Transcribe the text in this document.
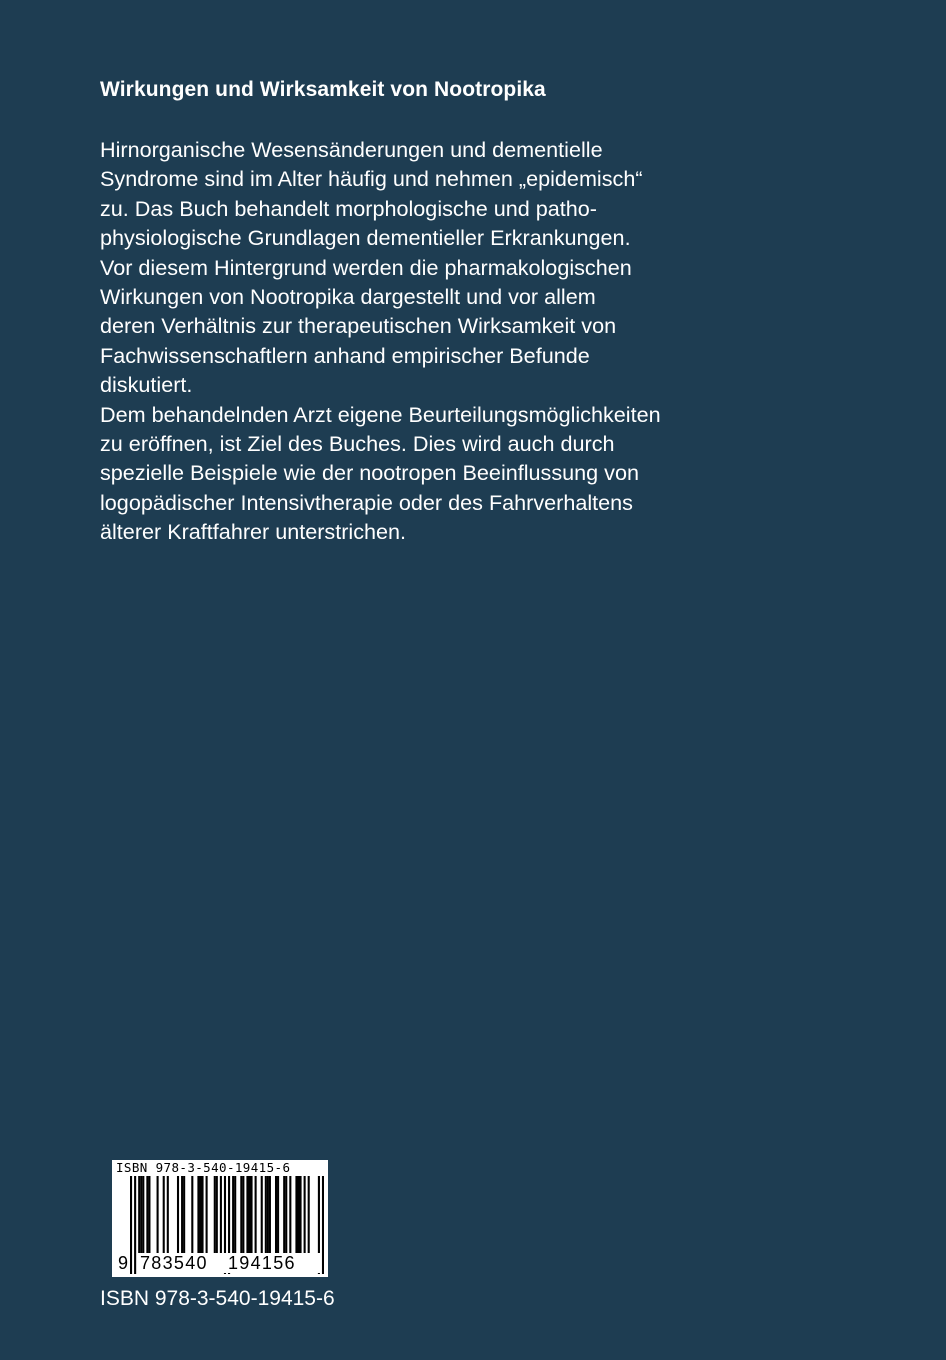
Wirkungen und Wirksamkeit von Nootropika
Hirnorganische Wesensänderungen und dementielle
Syndrome sind im Alter häufig und nehmen „epidemisch“
zu. Das Buch behandelt morphologische und patho-
physiologische Grundlagen dementieller Erkrankungen.
Vor diesem Hintergrund werden die pharmakologischen
Wirkungen von Nootropika dargestellt und vor allem
deren Verhältnis zur therapeutischen Wirksamkeit von
Fachwissenschaftlern anhand empirischer Befunde
diskutiert.
Dem behandelnden Arzt eigene Beurteilungsmöglichkeiten
zu eröffnen, ist Ziel des Buches. Dies wird auch durch
spezielle Beispiele wie der nootropen Beeinflussung von
logopädischer Intensivtherapie oder des Fahrverhaltens
älterer Kraftfahrer unterstrichen.
ISBN 978-3-540-19415-6
9 783540	194156
ISBN 978-3-540-19415-6
